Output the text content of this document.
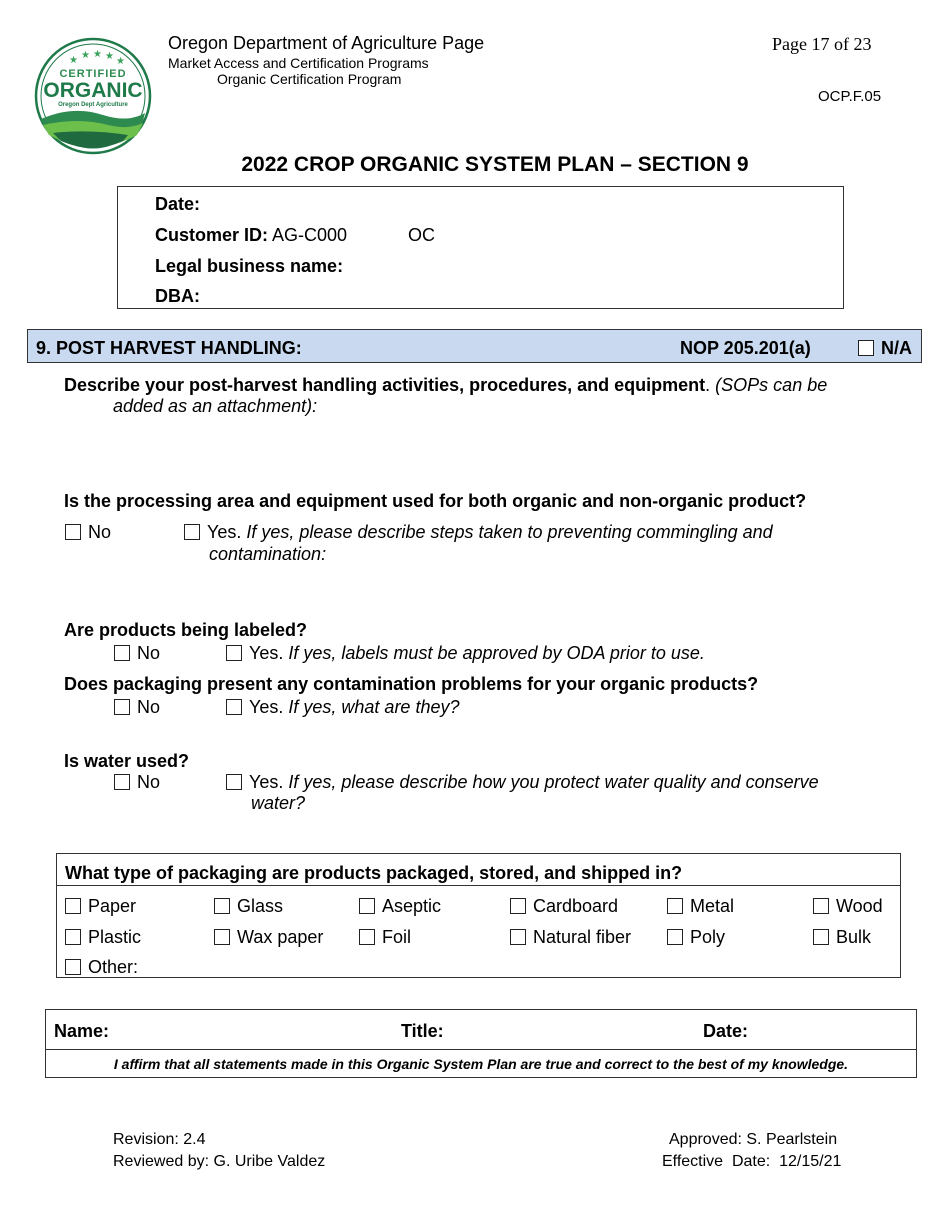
★ ★ ★ ★ ★
CERTIFIED
ORGANIC
Oregon Dept Agriculture
Oregon Department of Agriculture Page
Market Access and Certification Programs
Organic Certification Program
Page 17 of 23
OCP.F.05
2022 CROP ORGANIC SYSTEM PLAN – SECTION 9
Date:
Customer ID: AG-C000	OC
Legal business name:
DBA:
9. POST HARVEST HANDLING:	NOP 205.201(a)	N/A
Describe your post-harvest handling activities, procedures, and equipment. (SOPs can be
added as an attachment):
Is the processing area and equipment used for both organic and non-organic product?
No	Yes. If yes, please describe steps taken to preventing commingling and
contamination:
Are products being labeled?
No	Yes. If yes, labels must be approved by ODA prior to use.
Does packaging present any contamination problems for your organic products?
No	Yes. If yes, what are they?
Is water used?
No	Yes. If yes, please describe how you protect water quality and conserve
water?
What type of packaging are products packaged, stored, and shipped in?
Paper	Glass	Aseptic	Cardboard	Metal	Wood
Plastic	Wax paper	Foil	Natural fiber	Poly	Bulk
Other:
Name:	Title:	Date:
I affirm that all statements made in this Organic System Plan are true and correct to the best of my knowledge.
Revision: 2.4
Reviewed by: G. Uribe Valdez
Approved: S. Pearlstein
Effective  Date:  12/15/21
